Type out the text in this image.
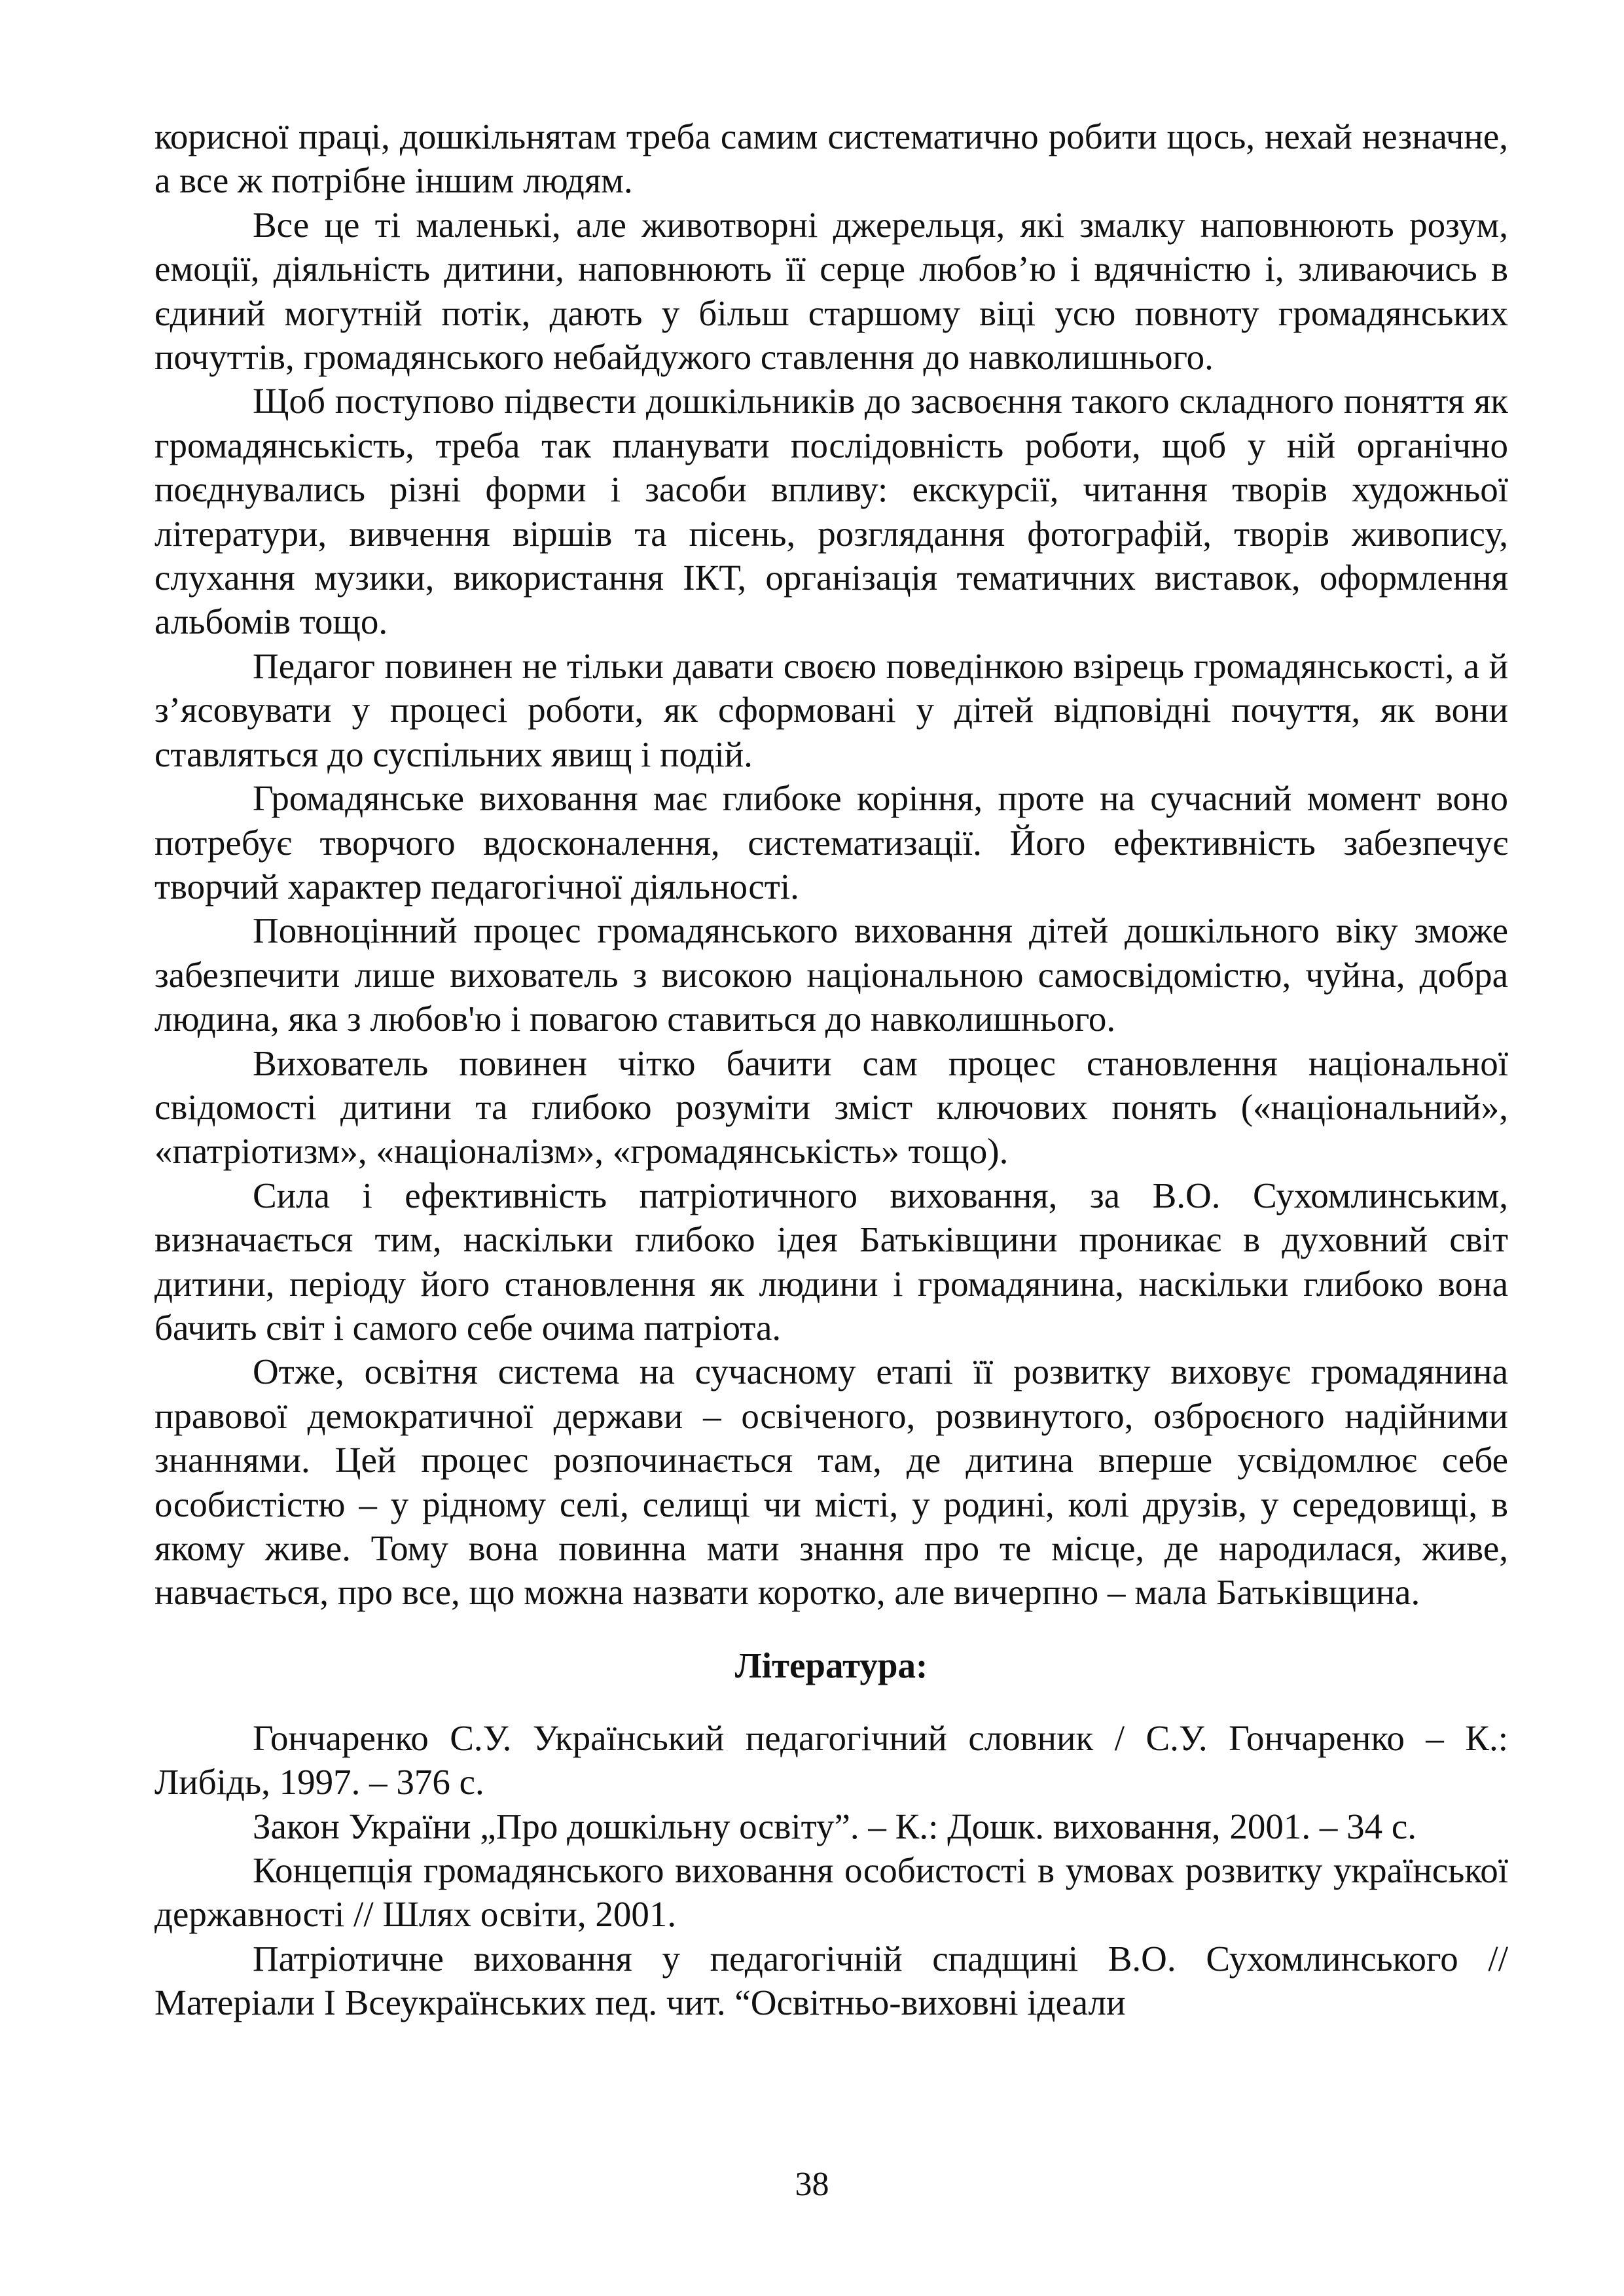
корисної праці, дошкільнятам треба самим систематично робити щось, нехай незначне, а все ж потрібне іншим людям.

Все це ті маленькі, але животворні джерельця, які змалку наповнюють розум, емоції, діяльність дитини, наповнюють її серце любов’ю і вдячністю і, зливаючись в єдиний могутній потік, дають у більш старшому віці усю повноту громадянських почуттів, громадянського небайдужого ставлення до навколишнього.

Щоб поступово підвести дошкільників до засвоєння такого складного поняття як громадянськість, треба так планувати послідовність роботи, щоб у ній органічно поєднувались різні форми і засоби впливу: екскурсії, читання творів художньої літератури, вивчення віршів та пісень, розглядання фотографій, творів живопису, слухання музики, використання ІКТ, організація тематичних виставок, оформлення альбомів тощо.

Педагог повинен не тільки давати своєю поведінкою взірець громадянськості, а й з’ясовувати у процесі роботи, як сформовані у дітей відповідні почуття, як вони ставляться до суспільних явищ і подій.

Громадянське виховання має глибоке коріння, проте на сучасний момент воно потребує творчого вдосконалення, систематизації. Його ефективність забезпечує творчий характер педагогічної діяльності.

Повноцінний процес громадянського виховання дітей дошкільного віку зможе забезпечити лише вихователь з високою національною самосвідомістю, чуйна, добра людина, яка з любов'ю і повагою ставиться до навколишнього.

Вихователь повинен чітко бачити сам процес становлення національної свідомості дитини та глибоко розуміти зміст ключових понять («національний», «патріотизм», «націоналізм», «громадянськість» тощо).

Сила і ефективність патріотичного виховання, за В.О. Сухомлинським, визначається тим, наскільки глибоко ідея Батьківщини проникає в духовний світ дитини, періоду його становлення як людини і громадянина, наскільки глибоко вона бачить світ і самого себе очима патріота.

Отже, освітня система на сучасному етапі її розвитку виховує громадянина правової демократичної держави – освіченого, розвинутого, озброєного надійними знаннями. Цей процес розпочинається там, де дитина вперше усвідомлює себе особистістю – у рідному селі, селищі чи місті, у родині, колі друзів, у середовищі, в якому живе. Тому вона повинна мати знання про те місце, де народилася, живе, навчається, про все, що можна назвати коротко, але вичерпно – мала Батьківщина.

Література:

Гончаренко С.У. Український педагогічний словник / С.У. Гончаренко – К.: Либідь, 1997. – 376 с.

Закон України „Про дошкільну освіту”. – К.: Дошк. виховання, 2001. – 34 с.

Концепція громадянського виховання особистості в умовах розвитку української державності // Шлях освіти, 2001.

Патріотичне виховання у педагогічній спадщині В.О. Сухомлинського //Матеріали І Всеукраїнських пед. чит. “Освітньо-виховні ідеали

38
